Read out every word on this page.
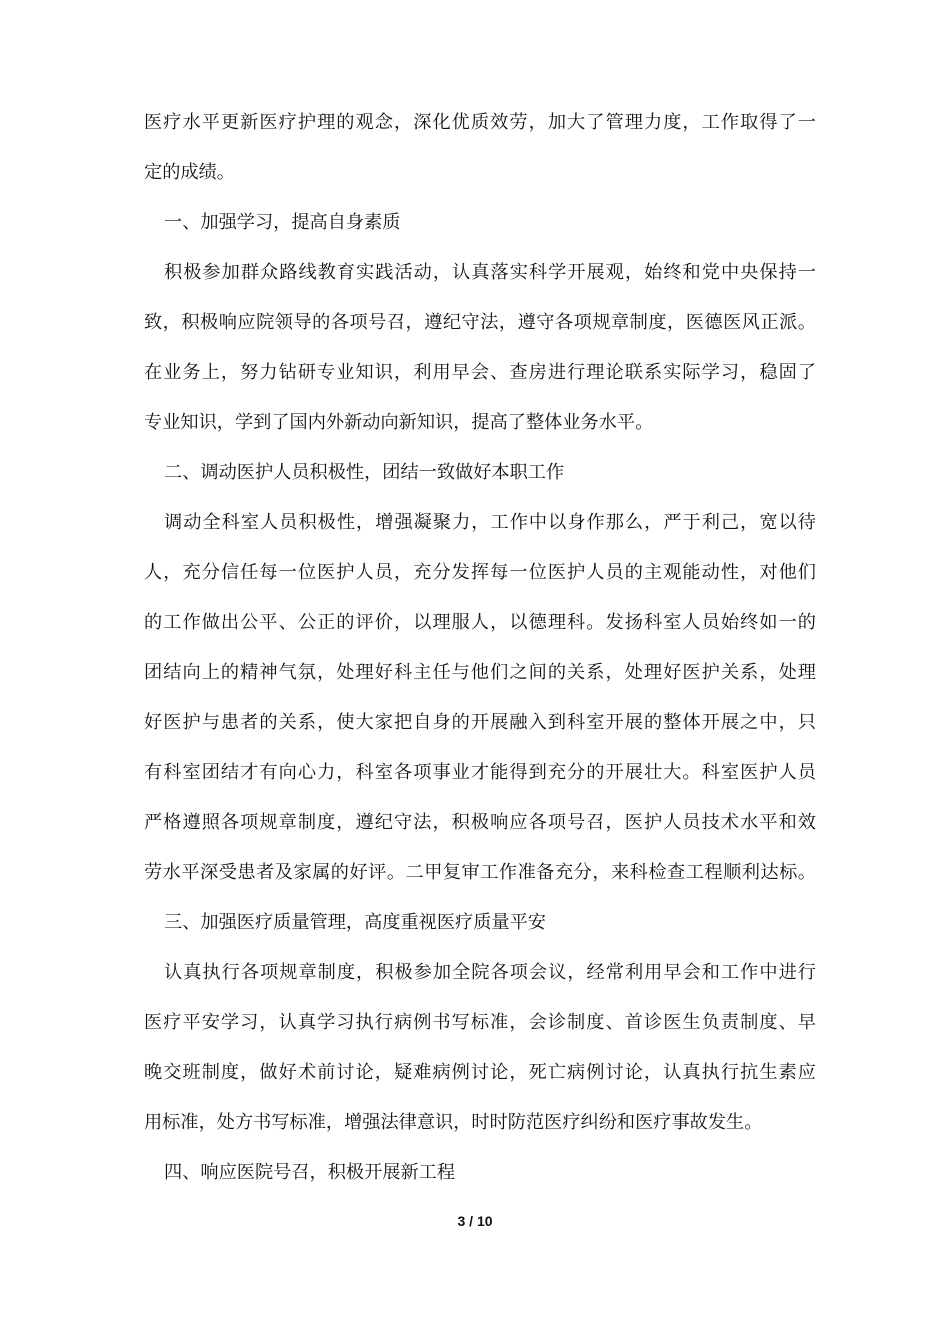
医疗水平更新医疗护理的观念，深化优质效劳，加大了管理力度，工作取得了一
定的成绩。
一、加强学习，提高自身素质
积极参加群众路线教育实践活动，认真落实科学开展观，始终和党中央保持一
致，积极响应院领导的各项号召，遵纪守法，遵守各项规章制度，医德医风正派。
在业务上，努力钻研专业知识，利用早会、查房进行理论联系实际学习，稳固了
专业知识，学到了国内外新动向新知识，提高了整体业务水平。
二、调动医护人员积极性，团结一致做好本职工作
调动全科室人员积极性，增强凝聚力，工作中以身作那么，严于利己，宽以待
人，充分信任每一位医护人员，充分发挥每一位医护人员的主观能动性，对他们
的工作做出公平、公正的评价，以理服人，以德理科。发扬科室人员始终如一的
团结向上的精神气氛，处理好科主任与他们之间的关系，处理好医护关系，处理
好医护与患者的关系，使大家把自身的开展融入到科室开展的整体开展之中，只
有科室团结才有向心力，科室各项事业才能得到充分的开展壮大。科室医护人员
严格遵照各项规章制度，遵纪守法，积极响应各项号召，医护人员技术水平和效
劳水平深受患者及家属的好评。二甲复审工作准备充分，来科检查工程顺利达标。
三、加强医疗质量管理，高度重视医疗质量平安
认真执行各项规章制度，积极参加全院各项会议，经常利用早会和工作中进行
医疗平安学习，认真学习执行病例书写标准，会诊制度、首诊医生负责制度、早
晚交班制度，做好术前讨论，疑难病例讨论，死亡病例讨论，认真执行抗生素应
用标准，处方书写标准，增强法律意识，时时防范医疗纠纷和医疗事故发生。
四、响应医院号召，积极开展新工程
3 / 10
